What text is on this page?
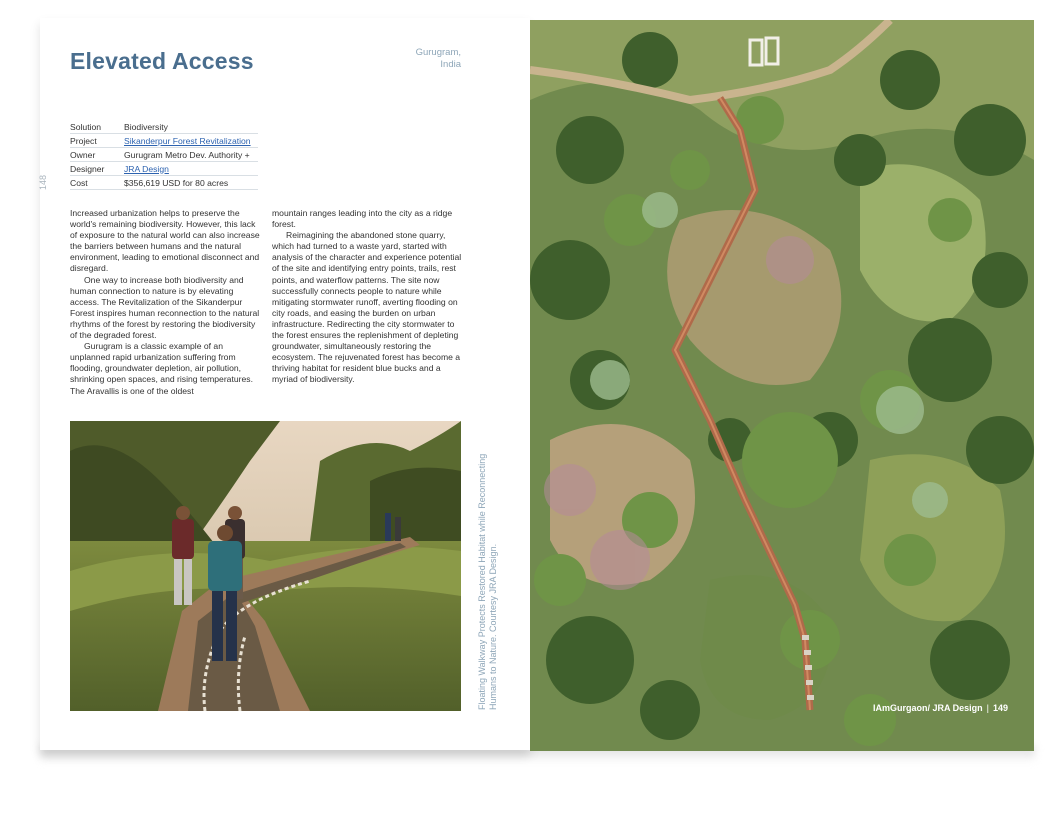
Elevated Access	Gurugram,
India
Solution	Biodiversity
Project	Sikanderpur Forest Revitalization
Owner	Gurugram Metro Dev. Authority +
Designer	JRA Design
Cost	$356,619 USD for 80 acres
148

Increased urbanization helps to preserve the world's remaining biodiversity. However, this lack of exposure to the natural world can also increase the barriers between humans and the natural environment, leading to emotional disconnect and disregard.

One way to increase both biodiversity and human connection to nature is by elevating access. The Revitalization of the Sikanderpur Forest inspires human reconnection to the natural rhythms of the forest by restoring the biodiversity of the degraded forest.

Gurugram is a classic example of an unplanned rapid urbanization suffering from flooding, groundwater depletion, air pollution, shrinking open spaces, and rising temperatures. The Aravallis is one of the oldest

mountain ranges leading into the city as a ridge forest.

Reimagining the abandoned stone quarry, which had turned to a waste yard, started with analysis of the character and experience potential of the site and identifying entry points, trails, rest points, and waterflow patterns. The site now successfully connects people to nature while mitigating stormwater runoff, averting flooding on city roads, and easing the burden on urban infrastructure. Redirecting the city stormwater to the forest ensures the replenishment of depleting groundwater, simultaneously restoring the ecosystem. The rejuvenated forest has become a thriving habitat for resident blue bucks and a myriad of biodiversity.

Floating Walkway Protects Restored Habitat while Reconnecting Humans to Nature. Courtesy JRA Design.	IAmGurgaon/ JRA Design | 149
